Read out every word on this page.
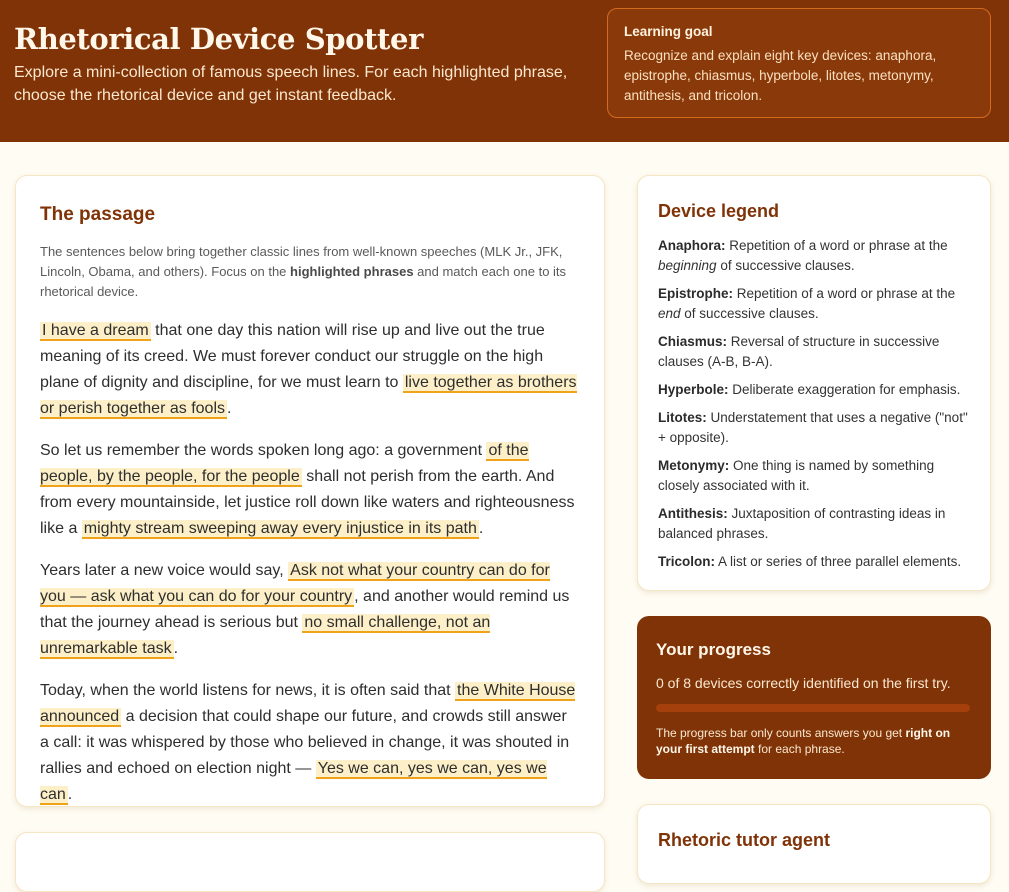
Rhetorical Device Spotter

Explore a mini-collection of famous speech lines. For each highlighted phrase, choose the rhetorical device and get instant feedback.

Learning goal

Recognize and explain eight key devices: anaphora, epistrophe, chiasmus, hyperbole, litotes, metonymy, antithesis, and tricolon.

The passage

The sentences below bring together classic lines from well-known speeches (MLK Jr., JFK, Lincoln, Obama, and others). Focus on the highlighted phrases and match each one to its rhetorical device.

I have a dream that one day this nation will rise up and live out the true meaning of its creed. We must forever conduct our struggle on the high plane of dignity and discipline, for we must learn to live together as brothers or perish together as fools .

So let us remember the words spoken long ago: a government of the people, by the people, for the people shall not perish from the earth. And from every mountainside, let justice roll down like waters and righteousness like a mighty stream sweeping away every injustice in its path .

Years later a new voice would say, Ask not what your country can do for you — ask what you can do for your country , and another would remind us that the journey ahead is serious but no small challenge, not an unremarkable task .

Today, when the world listens for news, it is often said that the White House announced a decision that could shape our future, and crowds still answer a call: it was whispered by those who believed in change, it was shouted in rallies and echoed on election night — Yes we can, yes we can, yes we can .

Device legend

Anaphora: Repetition of a word or phrase at the beginning of successive clauses.

Epistrophe: Repetition of a word or phrase at the end of successive clauses.

Chiasmus: Reversal of structure in successive clauses (A-B, B-A).

Hyperbole: Deliberate exaggeration for emphasis.

Litotes: Understatement that uses a negative ("not" + opposite).

Metonymy: One thing is named by something closely associated with it.

Antithesis: Juxtaposition of contrasting ideas in balanced phrases.

Tricolon: A list or series of three parallel elements.

Your progress

0 of 8 devices correctly identified on the first try.

The progress bar only counts answers you get right on your first attempt for each phrase.

Rhetoric tutor agent
